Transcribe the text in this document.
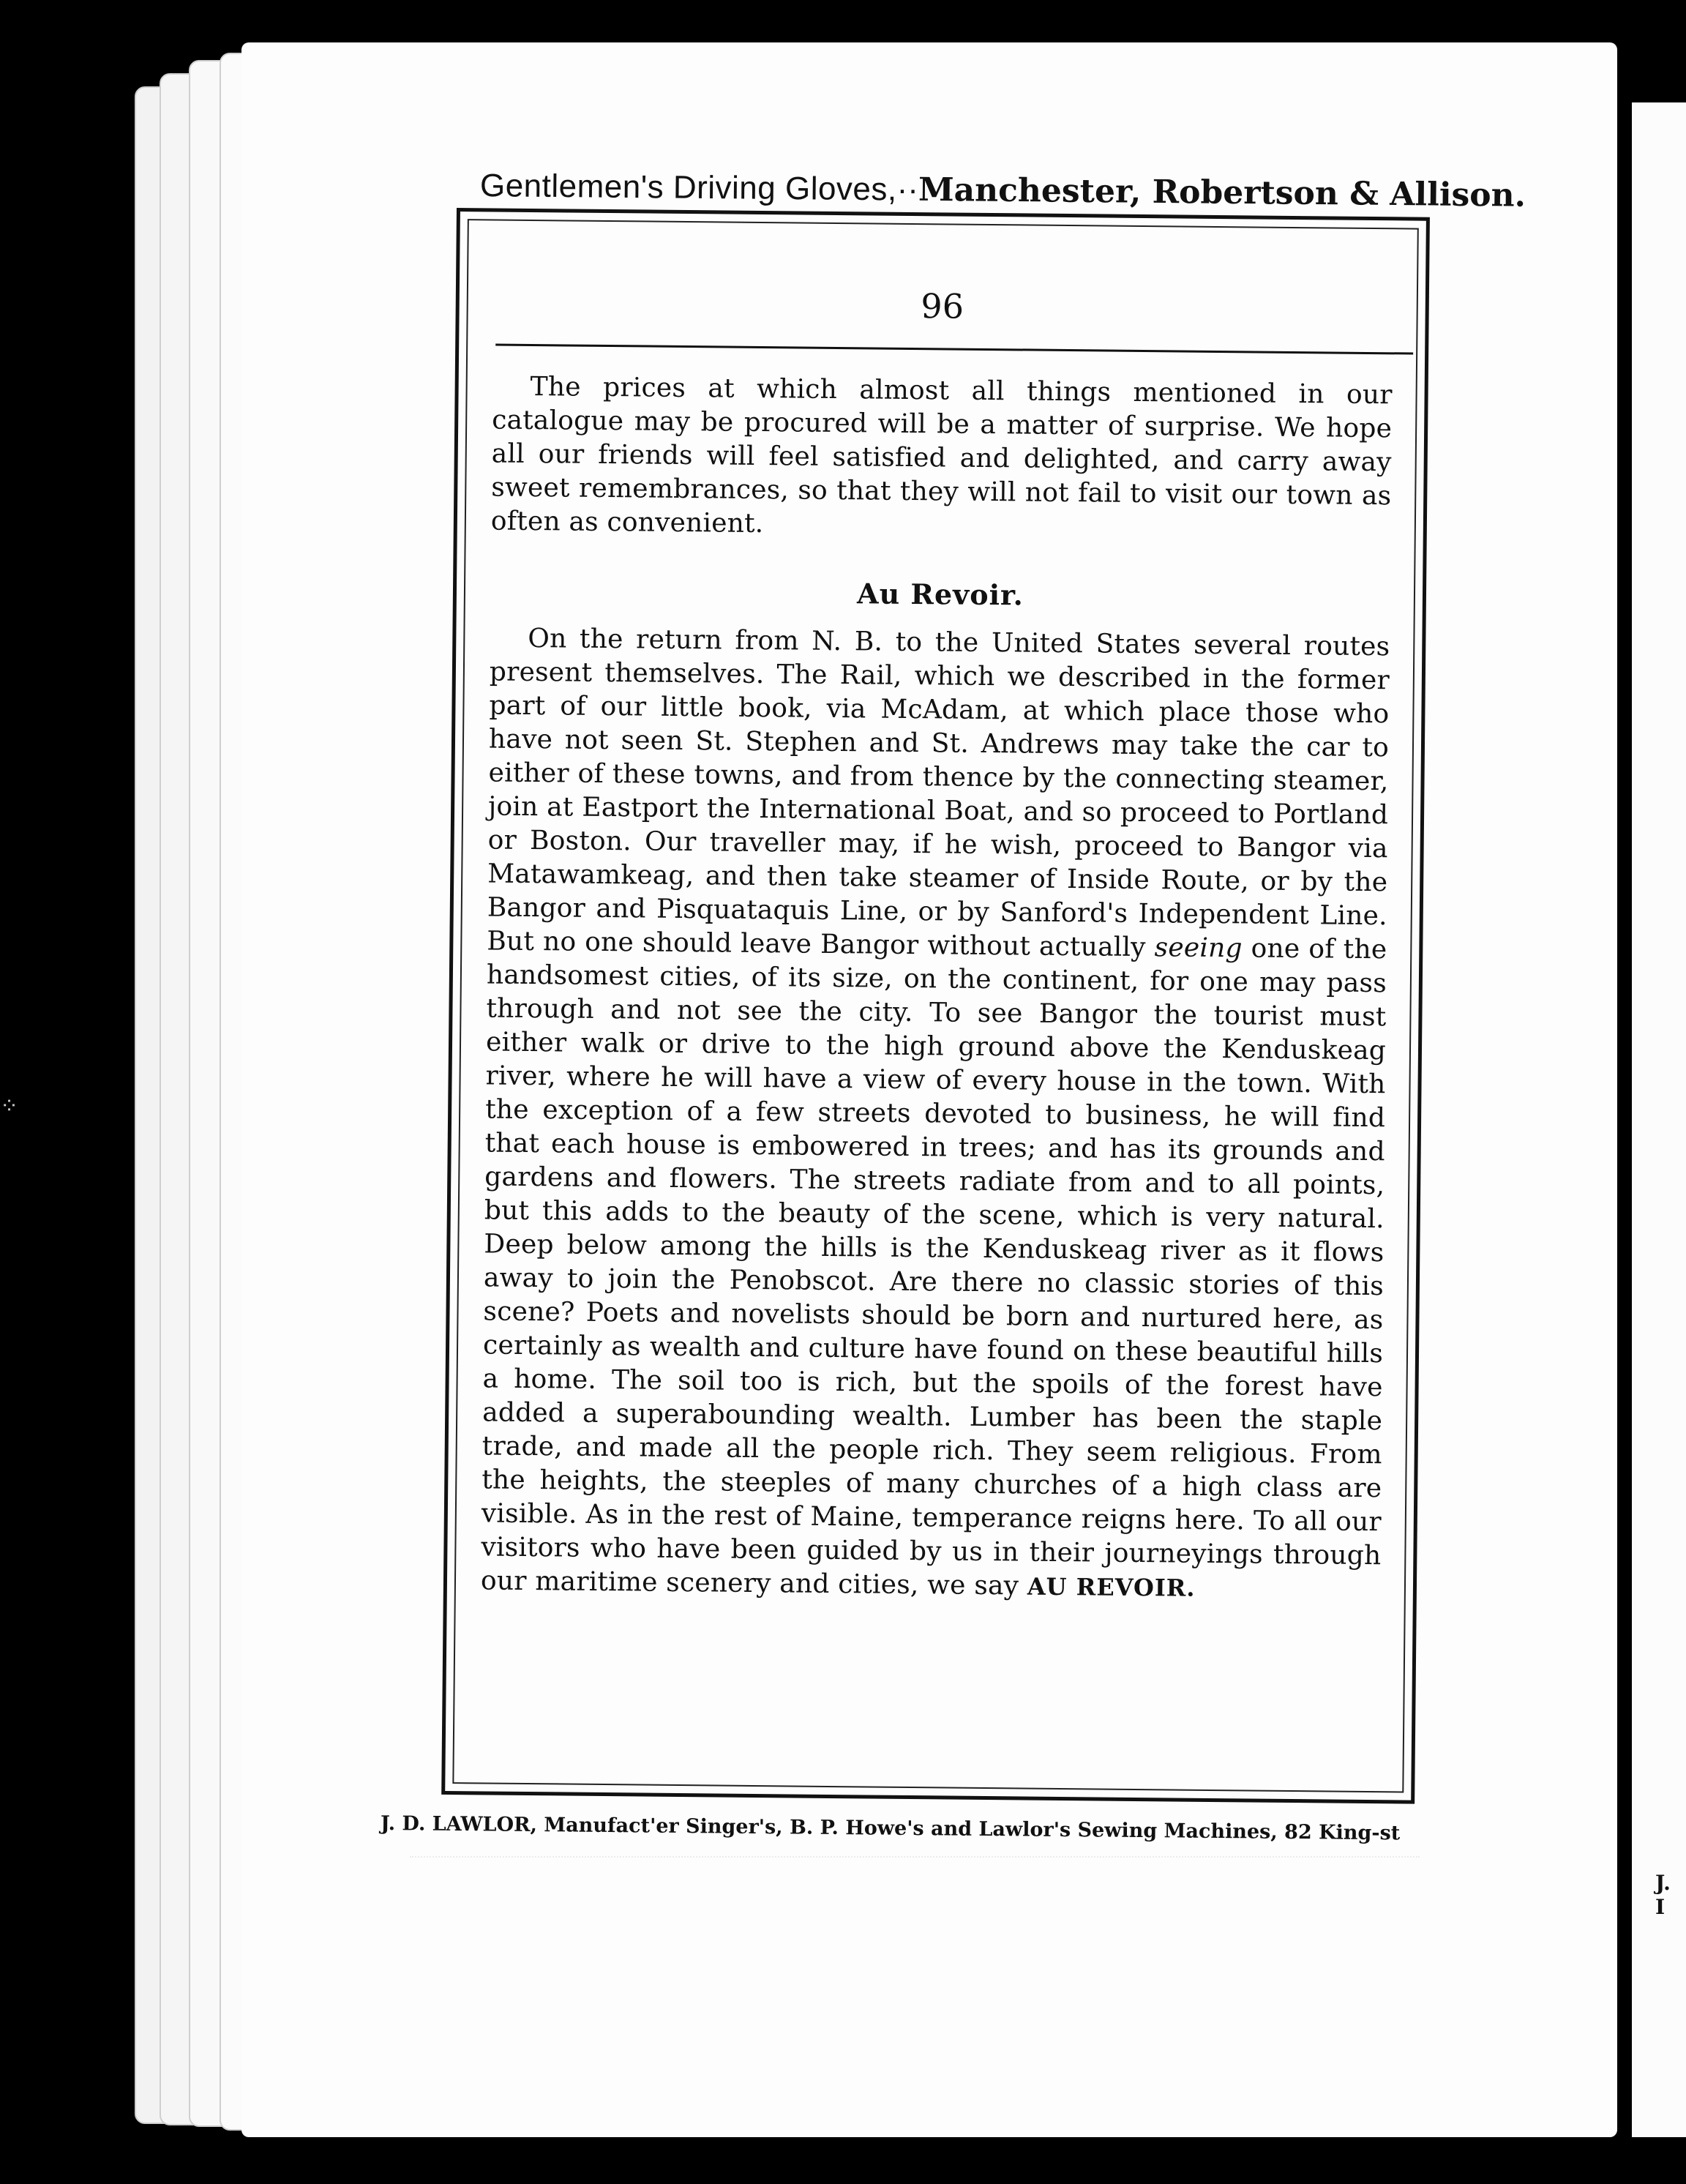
J. I
⁘
Gentlemen's Driving Gloves,··Manchester, Robertson & Allison.
96

The prices at which almost all things mentioned in our catalogue may be procured will be a matter of surprise. We hope all our friends will feel satisfied and delighted, and carry away sweet remembrances, so that they will not fail to visit our town as often as convenient.

Au Revoir.

On the return from N. B. to the United States several routes present themselves. The Rail, which we described in the former part of our little book, via McAdam, at which place those who have not seen St. Stephen and St. Andrews may take the car to either of these towns, and from thence by the connecting steamer, join at Eastport the International Boat, and so proceed to Portland or Boston. Our traveller may, if he wish, proceed to Bangor via Matawamkeag, and then take steamer of Inside Route, or by the Bangor and Pisquataquis Line, or by Sanford's Independent Line. But no one should leave Bangor without actually seeing one of the handsomest cities, of its size, on the continent, for one may pass through and not see the city. To see Bangor the tourist must either walk or drive to the high ground above the Kenduskeag river, where he will have a view of every house in the town. With the exception of a few streets devoted to business, he will find that each house is embowered in trees; and has its grounds and gardens and flowers. The streets radiate from and to all points, but this adds to the beauty of the scene, which is very natural. Deep below among the hills is the Kenduskeag river as it flows away to join the Penobscot. Are there no classic stories of this scene? Poets and novelists should be born and nurtured here, as certainly as wealth and culture have found on these beautiful hills a home. The soil too is rich, but the spoils of the forest have added a superabounding wealth. Lumber has been the staple trade, and made all the people rich. They seem religious. From the heights, the steeples of many churches of a high class are visible. As in the rest of Maine, temperance reigns here. To all our visitors who have been guided by us in their journeyings through our maritime scenery and cities, we say AU REVOIR.

J. D. LAWLOR, Manufact'er Singer's, B. P. Howe's and Lawlor's Sewing Machines, 82 King-st
